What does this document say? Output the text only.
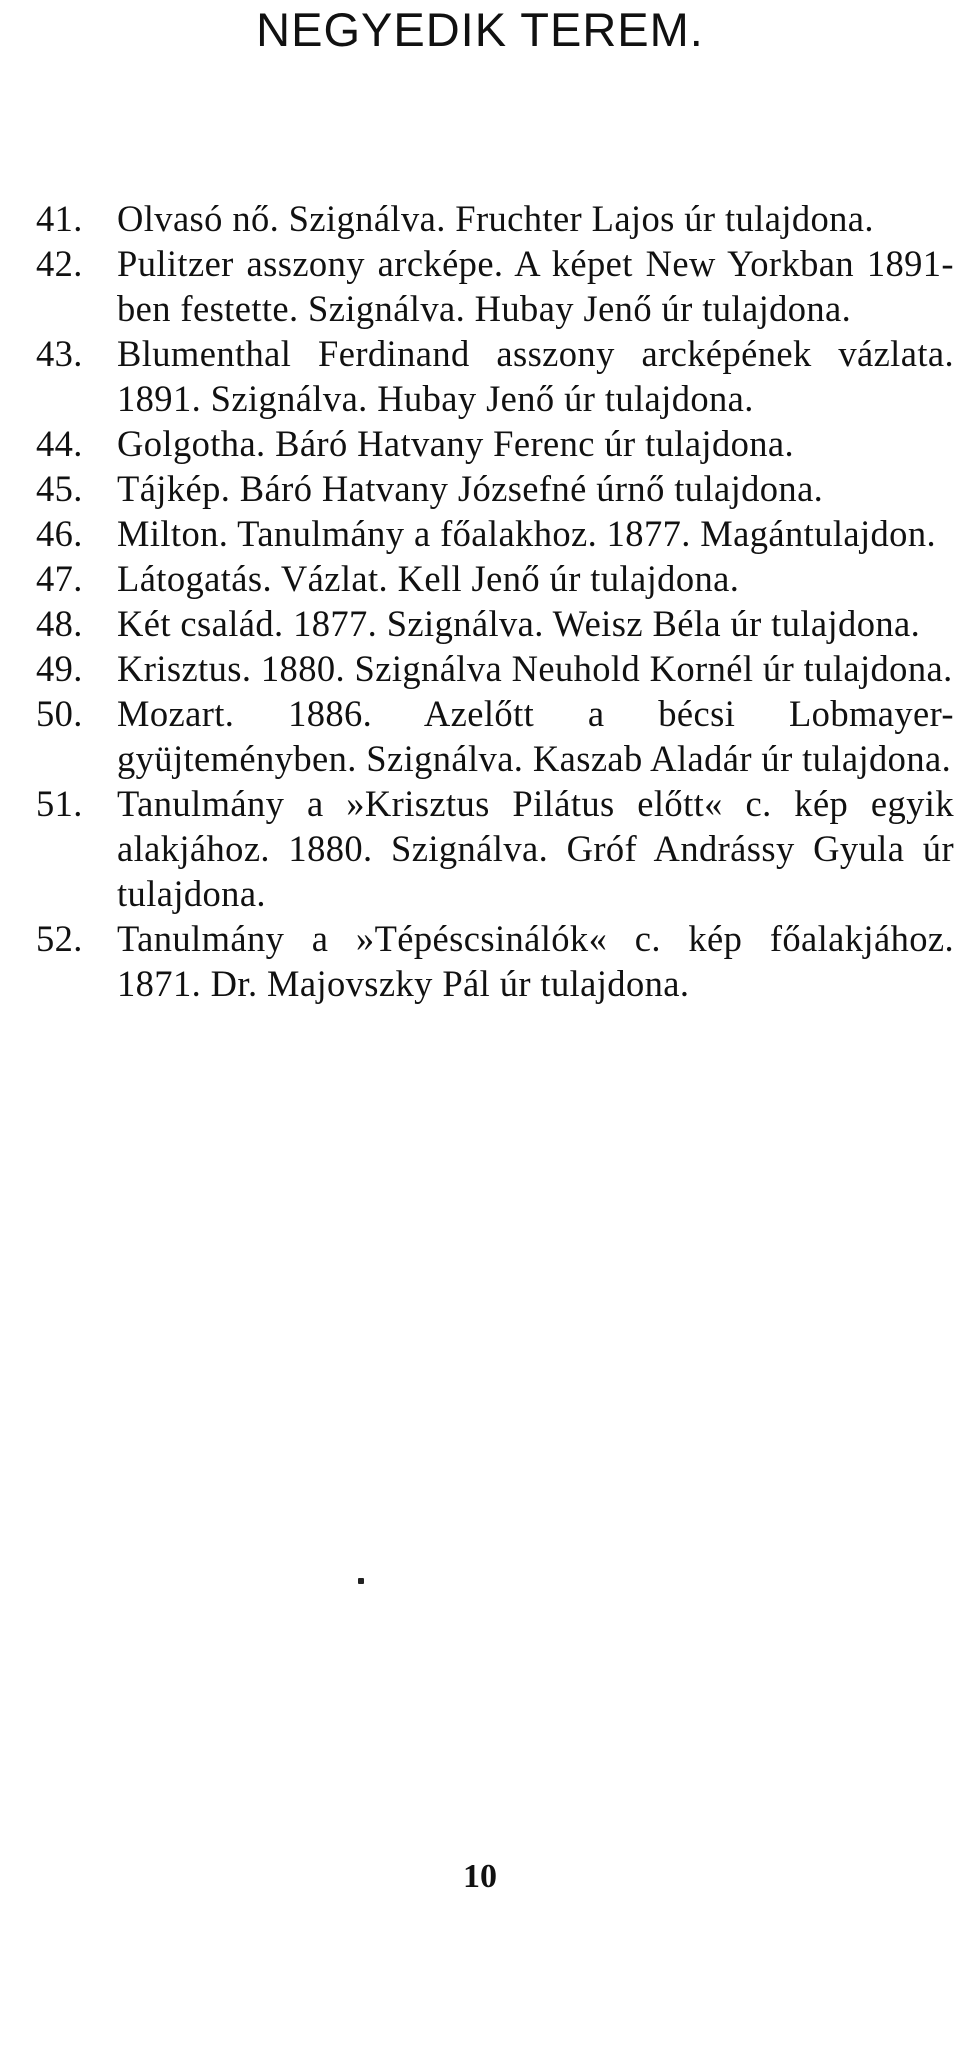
NEGYEDIK TEREM.
41. Olvasó nő. Szignálva. Fruchter Lajos úr tulajdona.
42. Pulitzer asszony arcképe. A képet New Yorkban 1891-ben festette. Szignálva. Hubay Jenő úr tulajdona.
43. Blumenthal Ferdinand asszony arcképének vázlata. 1891. Szignálva. Hubay Jenő úr tulajdona.
44. Golgotha. Báró Hatvany Ferenc úr tulajdona.
45. Tájkép. Báró Hatvany Józsefné úrnő tulajdona.
46. Milton. Tanulmány a főalakhoz. 1877. Magántulajdon.
47. Látogatás. Vázlat. Kell Jenő úr tulajdona.
48. Két család. 1877. Szignálva. Weisz Béla úr tulajdona.
49. Krisztus. 1880. Szignálva Neuhold Kornél úr tulajdona.
50. Mozart. 1886. Azelőtt a bécsi Lobmayer-gyüjteményben. Szignálva. Kaszab Aladár úr tulajdona.
51. Tanulmány a »Krisztus Pilátus előtt« c. kép egyik alakjához. 1880. Szignálva. Gróf Andrássy Gyula úr tulajdona.
52. Tanulmány a »Tépéscsinálók« c. kép főalakjához. 1871. Dr. Majovszky Pál úr tulajdona.
10
